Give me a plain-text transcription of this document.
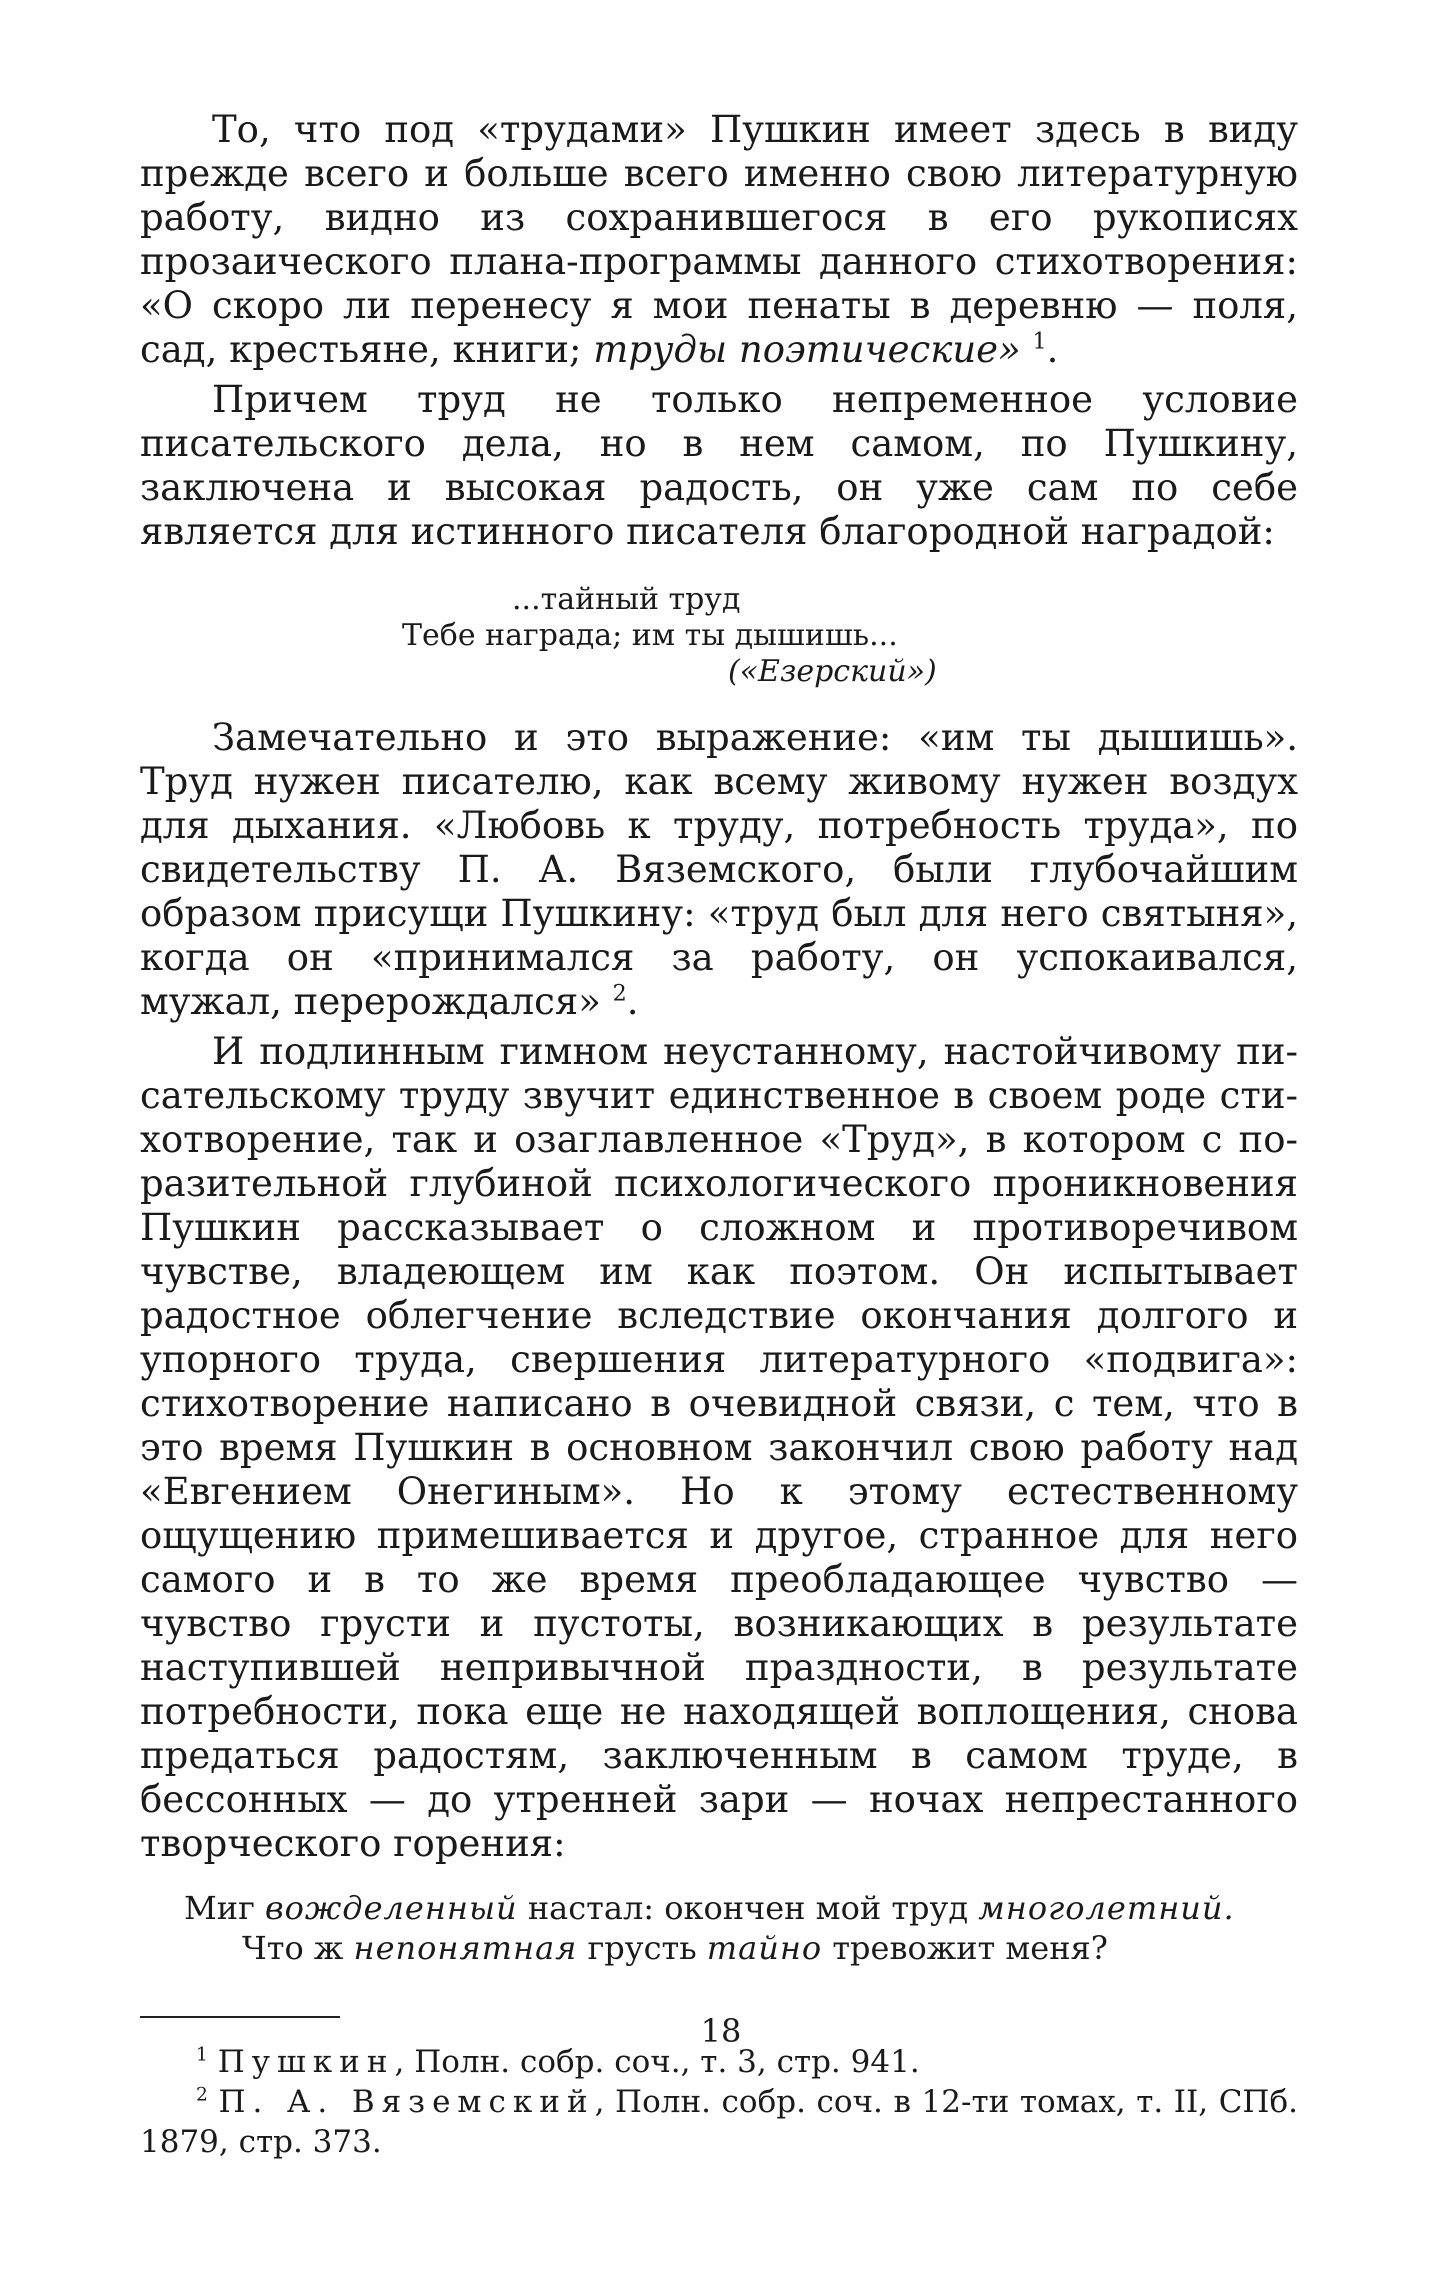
То, что под «трудами» Пушкин имеет здесь в виду прежде всего и больше всего именно свою литературную работу, видно из сохранившегося в его рукописях прозаического плана-программы данного стихотворения: «О скоро ли перенесу я мои пенаты в деревню — поля, сад, крестьяне, книги; труды поэтические» $^1$.

Причем труд не только непременное условие писательского дела, но в нем самом, по Пушкину, заключена и высокая радость, он уже сам по себе является для истинного писателя благородной наградой:

...тайный труд
Тебе награда; им ты дышишь...
(«Езерский»)

Замечательно и это выражение: «им ты дышишь». Труд нужен писателю, как всему живому нужен воздух для дыхания. «Любовь к труду, потребность труда», по свидетельству П. А. Вяземского, были глубочайшим образом присущи Пушкину: «труд был для него святыня», когда он «принимался за работу, он успокаивался, мужал, перерoждался» $^2$.

И подлинным гимном неустанному, настойчивому писательскому труду звучит единственное в своем роде стихотворение, так и озаглавленное «Труд», в котором с поразительной глубиной психологического проникновения Пушкин рассказывает о сложном и противоречивом чувстве, владеющем им как поэтом. Он испытывает радостное облегчение вследствие окончания долгого и упорного труда, свершения литературного «подвига»: стихотворение написано в очевидной связи, с тем, что в это время Пушкин в основном закончил свою работу над «Евгением Онегиным». Но к этому естественному ощущению примешивается и другое, странное для него самого и в то же время преобладающее чувство — чувство грусти и пустоты, возникающих в результате наступившей непривычной праздности, в результате потребности, пока еще не находящей воплощения, снова предаться радостям, заключенным в самом труде, в бессонных — до утренней зари — ночах непрестанного творческого горения:

Миг вожделенный настал: окончен мой труд многолетний.
Что ж непонятная грусть тайно тревожит меня?

$^1$ Пушкин, Полн. собр. соч., т. 3, стр. 941.

$^2$ П. А. Вяземский, Полн. собр. соч. в 12-ти томах, т. II, СПб. 1879, стр. 373.

18
